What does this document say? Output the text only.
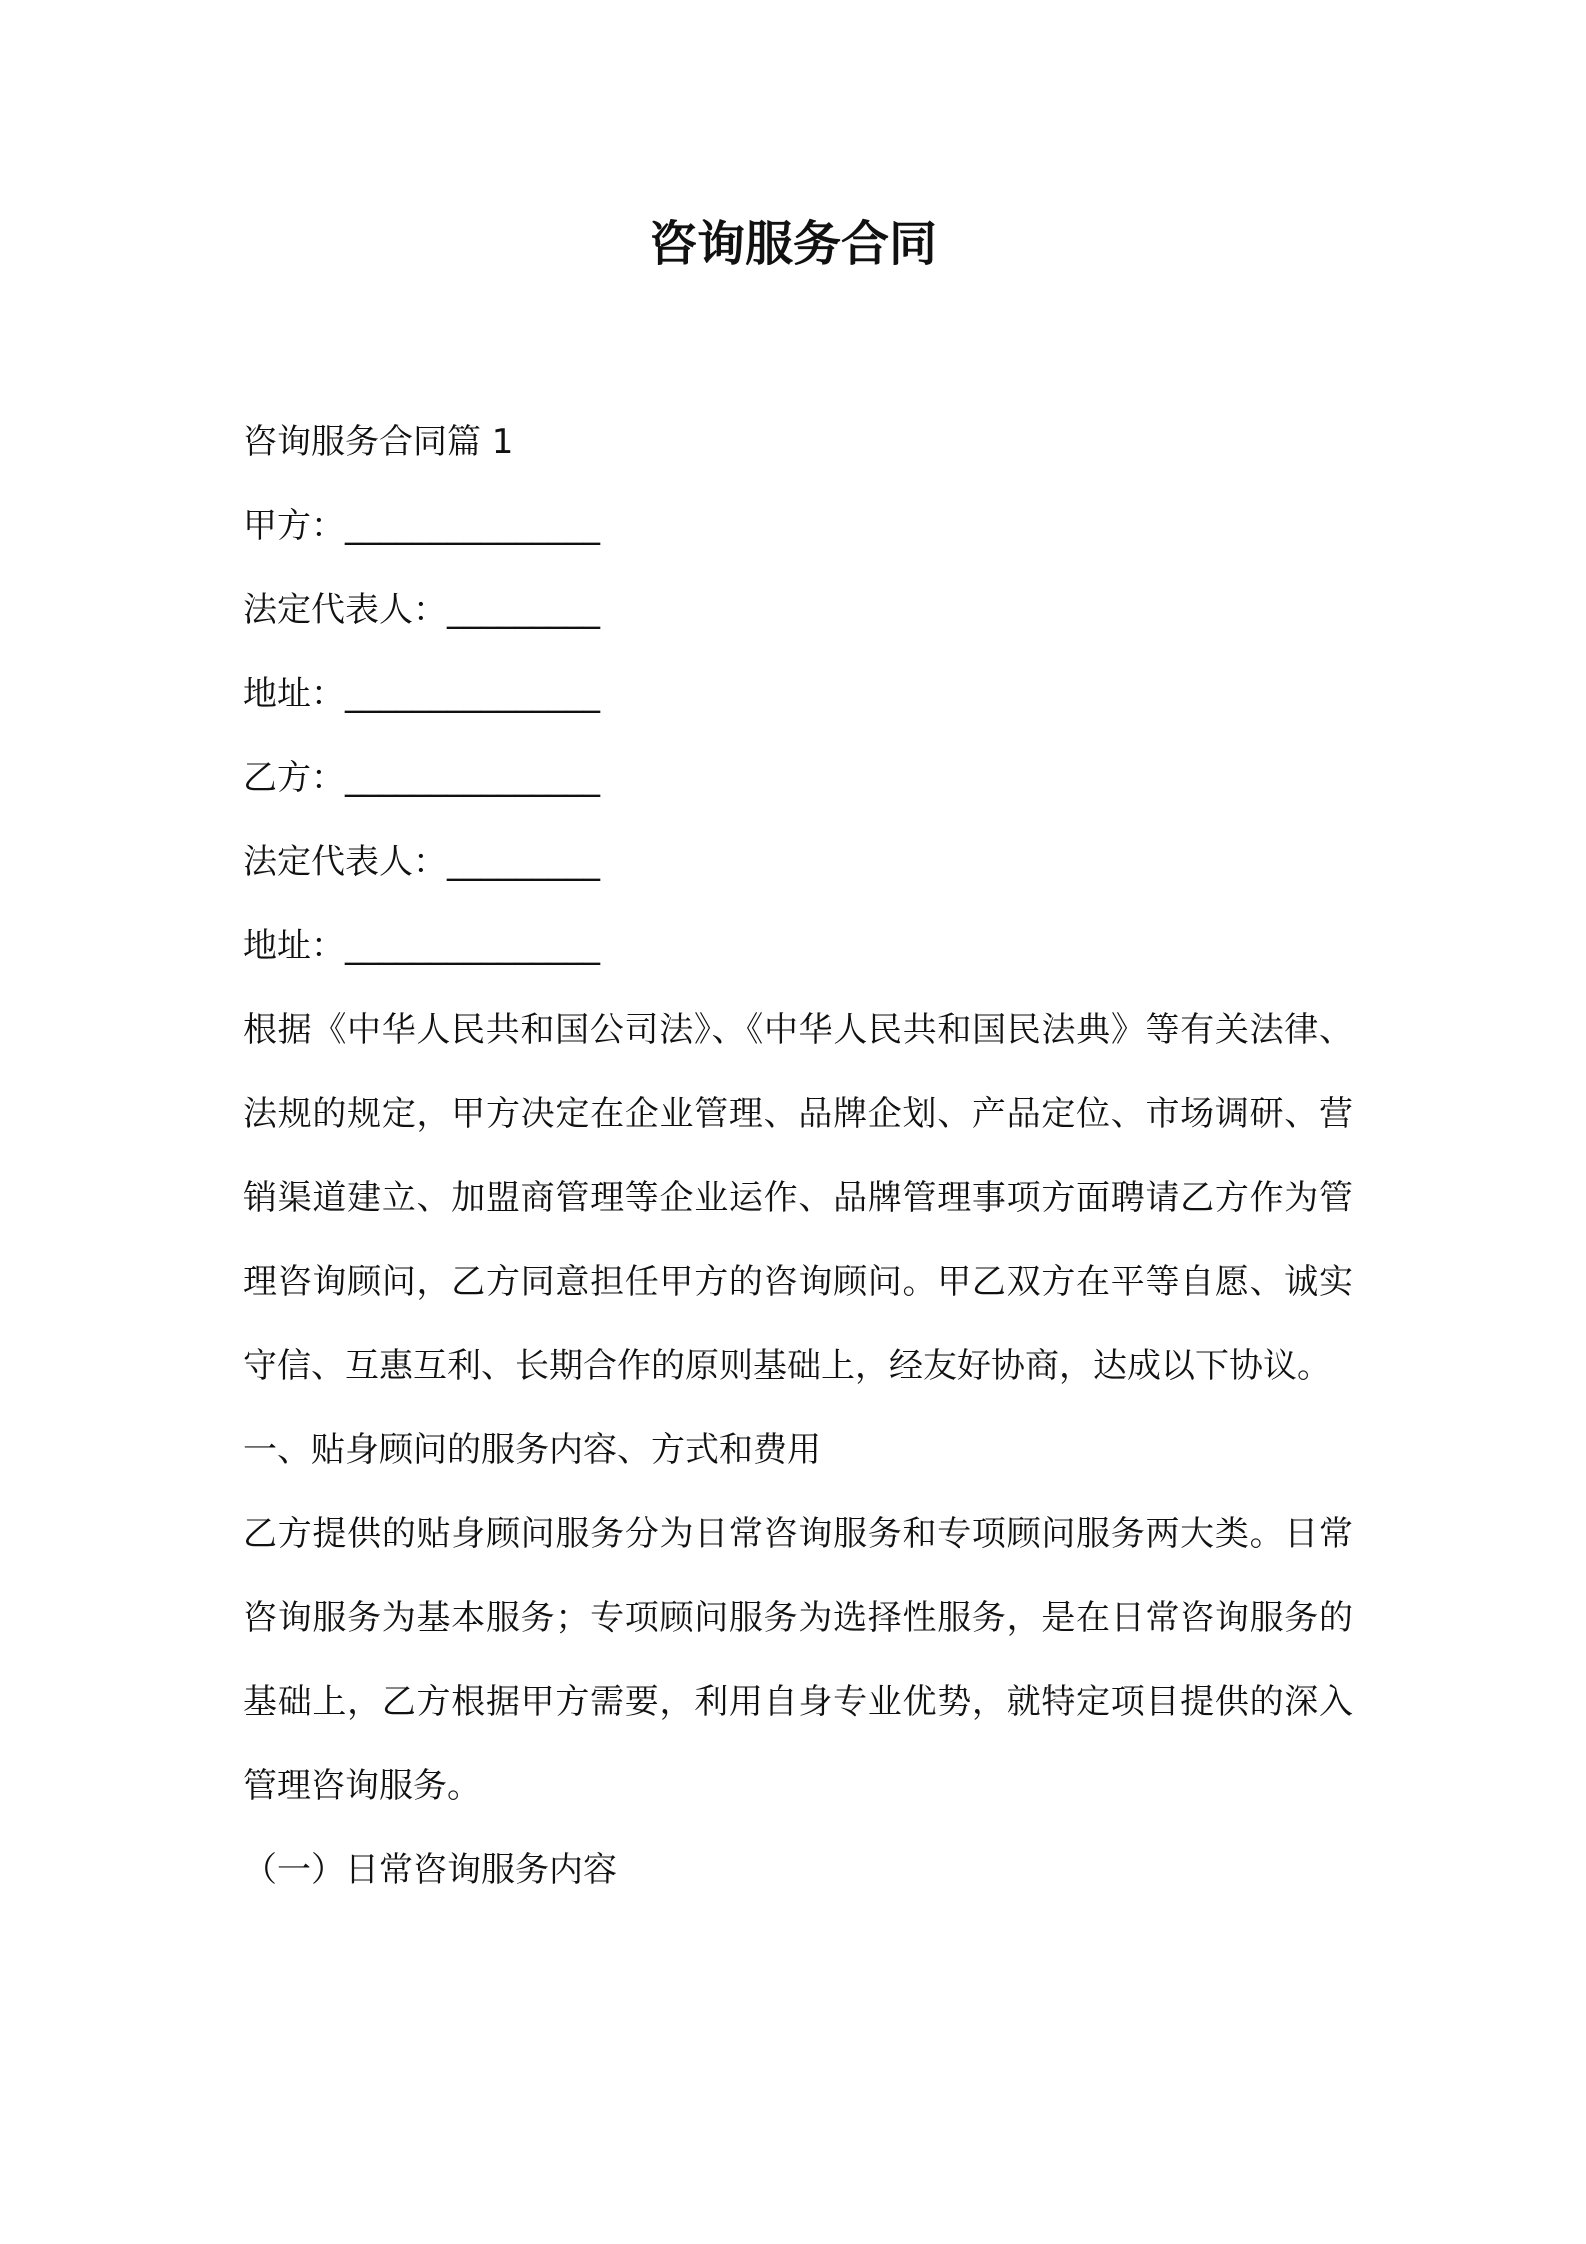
咨询服务合同
咨询服务合同篇 1
甲方：_______________
法定代表人：_________
地址：_______________
乙方：_______________
法定代表人：_________
地址：_______________

根据《中华人民共和国公司法》、《中华人民共和国民法典》等有关法律、法规的规定，甲方决定在企业管理、品牌企划、产品定位、市场调研、营销渠道建立、加盟商管理等企业运作、品牌管理事项方面聘请乙方作为管理咨询顾问，乙方同意担任甲方的咨询顾问。甲乙双方在平等自愿、诚实守信、互惠互利、长期合作的原则基础上，经友好协商，达成以下协议。

一、贴身顾问的服务内容、方式和费用

乙方提供的贴身顾问服务分为日常咨询服务和专项顾问服务两大类。日常咨询服务为基本服务；专项顾问服务为选择性服务，是在日常咨询服务的基础上，乙方根据甲方需要，利用自身专业优势，就特定项目提供的深入管理咨询服务。

（一）日常咨询服务内容
